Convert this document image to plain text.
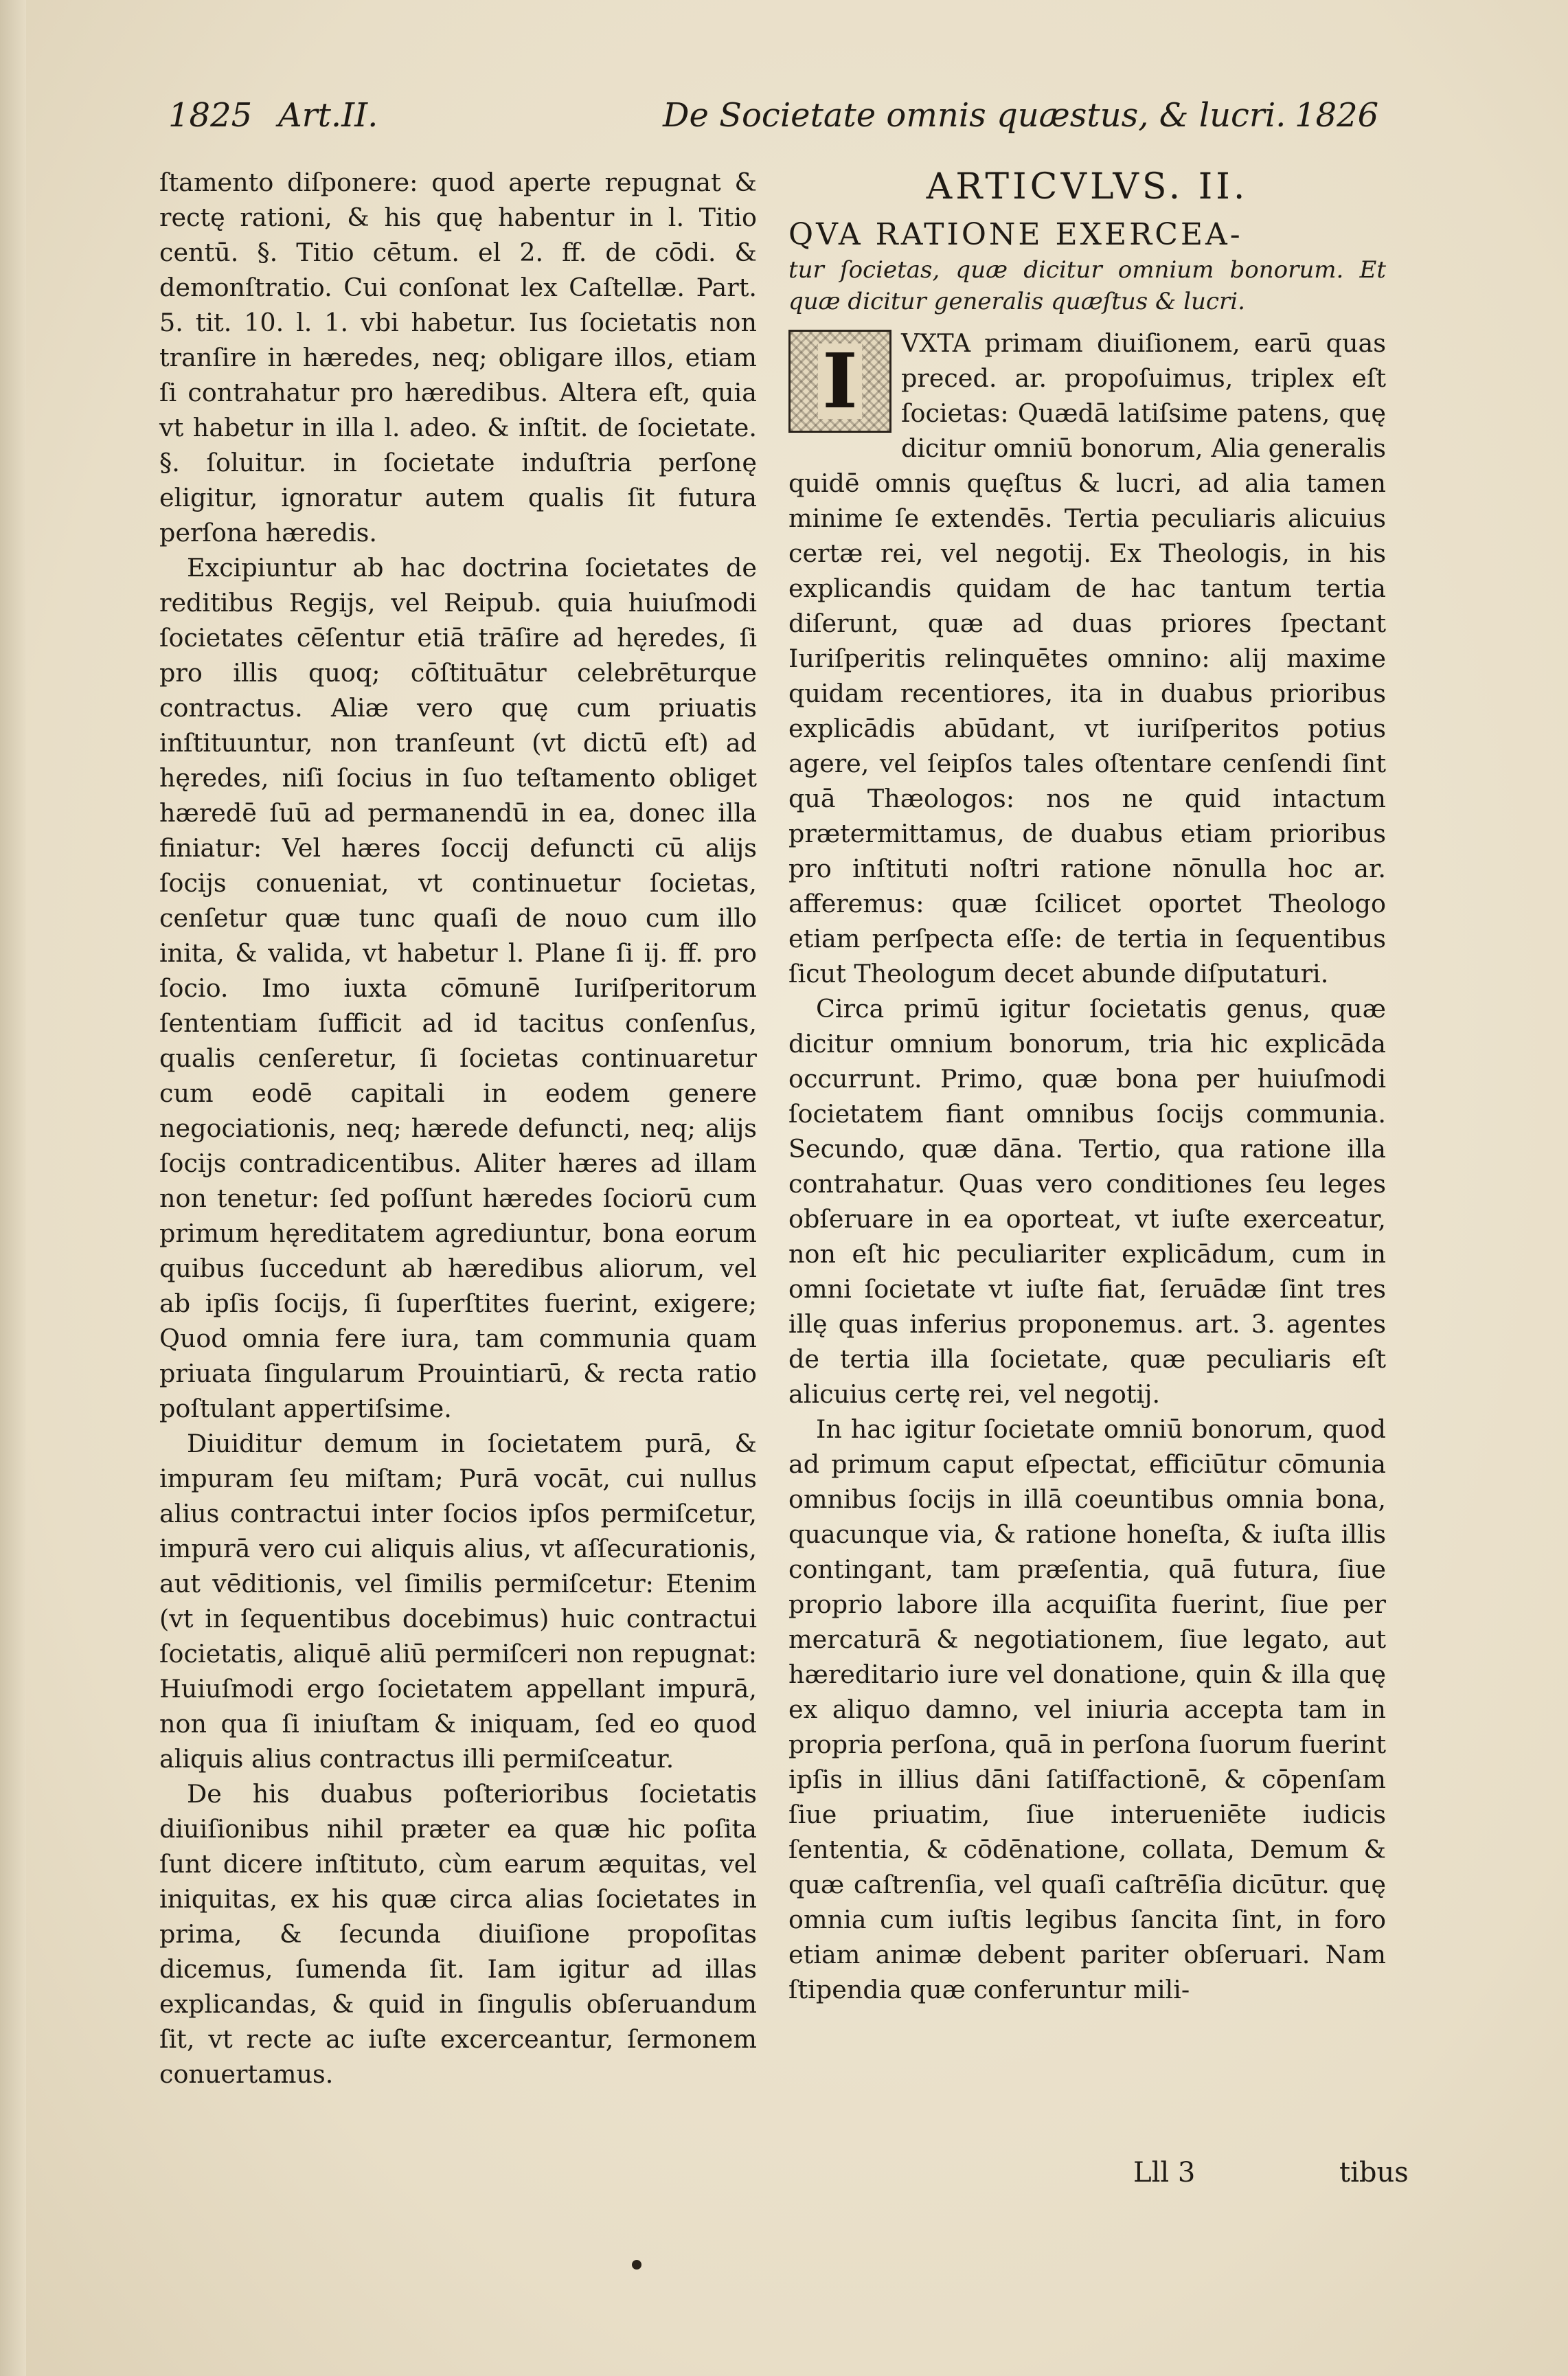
1825 Art.II.	De Societate omnis quæstus, & lucri. 1826

ſtamento diſponere: quod aperte repugnat & rectę rationi, & his quę habentur in l. Titio centū. §. Titio cētum. el 2. ff. de cōdi. & demonſtratio. Cui conſonat lex Caſtellæ. Part. 5. tit. 10. l. 1. vbi habetur. Ius ſocietatis non tranſire in hæredes, neq; obligare illos, etiam ſi contrahatur pro hæredibus. Altera eſt, quia vt habetur in illa l. adeo. & inſtit. de ſocietate. §. ſoluitur. in ſocietate induſtria perſonę eligitur, ignoratur autem qualis ſit futura perſona hæredis.

Excipiuntur ab hac doctrina ſocietates de reditibus Regijs, vel Reipub. quia huiuſmodi ſocietates cēſentur etiā trāſire ad hęredes, ſi pro illis quoq; cōſtituātur celebrēturque contractus. Aliæ vero quę cum priuatis inſtituuntur, non tranſeunt (vt dictū eſt) ad hęredes, niſi ſocius in ſuo teſtamento obliget hæredē ſuū ad permanendū in ea, donec illa finiatur: Vel hæres ſoccij defuncti cū alijs ſocijs conueniat, vt continuetur ſocietas, cenſetur quæ tunc quaſi de nouo cum illo inita, & valida, vt habetur l. Plane ſi ij. ff. pro ſocio. Imo iuxta cōmunē Iuriſperitorum ſententiam ſufficit ad id tacitus conſenſus, qualis cenſeretur, ſi ſocietas continuaretur cum eodē capitali in eodem genere negociationis, neq; hærede defuncti, neq; alijs ſocijs contradicentibus. Aliter hæres ad illam non tenetur: ſed poſſunt hæredes ſociorū cum primum hęreditatem agrediuntur, bona eorum quibus ſuccedunt ab hæredibus aliorum, vel ab ipſis ſocijs, ſi ſuperſtites fuerint, exigere; Quod omnia fere iura, tam communia quam priuata ſingularum Prouintiarū, & recta ratio poſtulant appertiſsime.

Diuiditur demum in ſocietatem purā, & impuram ſeu miſtam; Purā vocāt, cui nullus alius contractui inter ſocios ipſos permiſcetur, impurā vero cui aliquis alius, vt aſſecurationis, aut vēditionis, vel ſimilis permiſcetur: Etenim (vt in ſequentibus docebimus) huic contractui ſocietatis, aliquē aliū permiſceri non repugnat: Huiuſmodi ergo ſocietatem appellant impurā, non qua ſi iniuſtam & iniquam, ſed eo quod aliquis alius contractus illi permiſceatur.

De his duabus poſterioribus ſocietatis diuiſionibus nihil præter ea quæ hic poſita ſunt dicere inſtituto, cùm earum æquitas, vel iniquitas, ex his quæ circa alias ſocietates in prima, & ſecunda diuiſione propoſitas dicemus, ſumenda ſit. Iam igitur ad illas explicandas, & quid in ſingulis obſeruandum ſit, vt recte ac iuſte excerceantur, ſermonem conuertamus.

ARTICVLVS. II.
QVA RATIONE EXERCEA-
tur ſocietas, quæ dicitur omnium bonorum. Et quæ dicitur generalis quæſtus & lucri.
I	VXTA primam diuiſionem, earū quas preced. ar. propoſuimus, triplex eſt ſocietas: Quædā latiſsime patens, quę dicitur omniū bonorum, Alia generalis quidē omnis quęſtus & lucri, ad alia tamen minime ſe extendēs. Tertia peculiaris alicuius certæ rei, vel negotij. Ex Theologis, in his explicandis quidam de hac tantum tertia diſerunt, quæ ad duas priores ſpectant Iuriſperitis relinquētes omnino: alij maxime quidam recentiores, ita in duabus prioribus explicādis abūdant, vt iuriſperitos potius agere, vel ſeipſos tales oſtentare cenſendi ſint quā Thæologos: nos ne quid intactum prætermittamus, de duabus etiam prioribus pro inſtituti noſtri ratione nōnulla hoc ar. afferemus: quæ ſcilicet oportet Theologo etiam perſpecta eſſe: de tertia in ſequentibus ſicut Theologum decet abunde diſputaturi.

Circa primū igitur ſocietatis genus, quæ dicitur omnium bonorum, tria hic explicāda occurrunt. Primo, quæ bona per huiuſmodi ſocietatem fiant omnibus ſocijs communia. Secundo, quæ dāna. Tertio, qua ratione illa contrahatur. Quas vero conditiones ſeu leges obſeruare in ea oporteat, vt iuſte exerceatur, non eſt hic peculiariter explicādum, cum in omni ſocietate vt iuſte fiat, ſeruādæ ſint tres illę quas inferius proponemus. art. 3. agentes de tertia illa ſocietate, quæ peculiaris eſt alicuius certę rei, vel negotij.

In hac igitur ſocietate omniū bonorum, quod ad primum caput eſpectat, efficiūtur cōmunia omnibus ſocijs in illā coeuntibus omnia bona, quacunque via, & ratione honeſta, & iuſta illis contingant, tam præſentia, quā futura, ſiue proprio labore illa acquiſita fuerint, ſiue per mercaturā & negotiationem, ſiue legato, aut hæreditario iure vel donatione, quin & illa quę ex aliquo damno, vel iniuria accepta tam in propria perſona, quā in perſona ſuorum fuerint ipſis in illius dāni ſatiſfactionē, & cōpenſam ſiue priuatim, ſiue interueniēte iudicis ſententia, & cōdēnatione, collata, Demum & quæ caſtrenſia, vel quaſi caſtrēſia dicūtur. quę omnia cum iuſtis legibus ſancita ſint, in foro etiam animæ debent pariter obſeruari. Nam ſtipendia quæ conferuntur mili-

Lll 3	tibus
